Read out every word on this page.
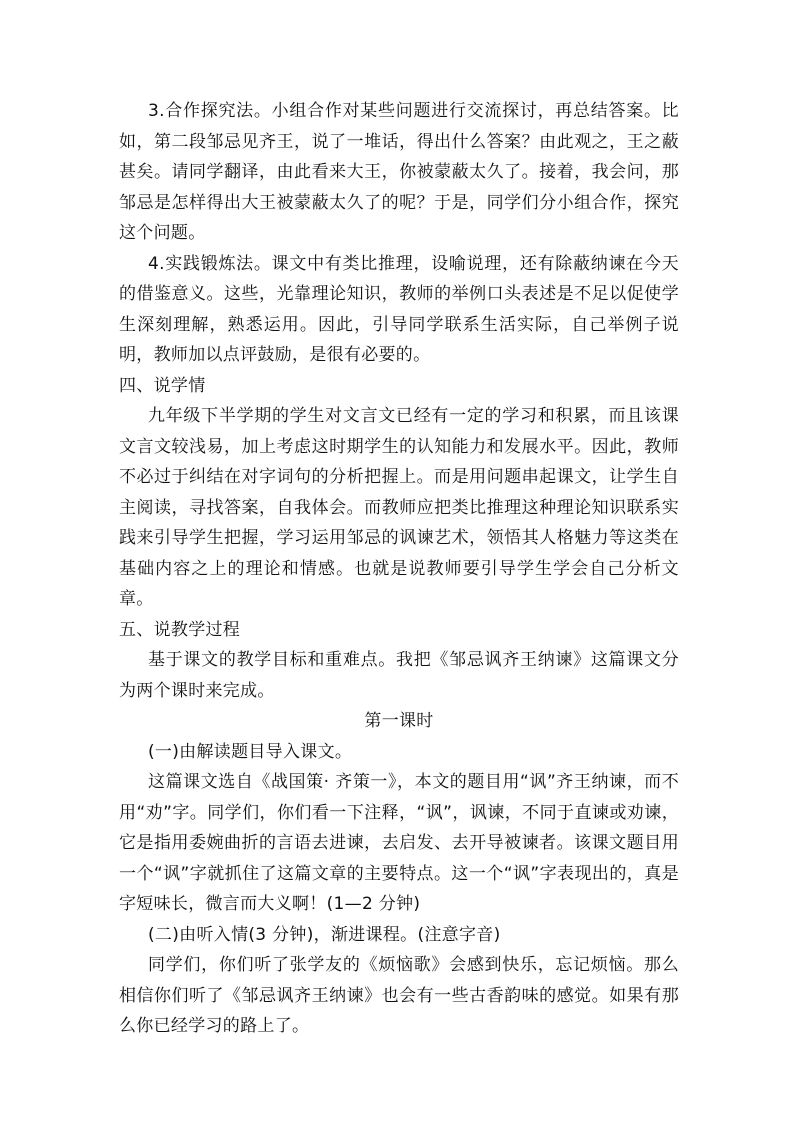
3.合作探究法。小组合作对某些问题进行交流探讨，再总结答案。比如，第二段邹忌见齐王，说了一堆话，得出什么答案？由此观之，王之蔽甚矣。请同学翻译，由此看来大王，你被蒙蔽太久了。接着，我会问，那邹忌是怎样得出大王被蒙蔽太久了的呢？于是，同学们分小组合作，探究这个问题。

4.实践锻炼法。课文中有类比推理，设喻说理，还有除蔽纳谏在今天的借鉴意义。这些，光靠理论知识，教师的举例口头表述是不足以促使学生深刻理解，熟悉运用。因此，引导同学联系生活实际，自己举例子说明，教师加以点评鼓励，是很有必要的。

四、说学情

九年级下半学期的学生对文言文已经有一定的学习和积累，而且该课文言文较浅易，加上考虑这时期学生的认知能力和发展水平。因此，教师不必过于纠结在对字词句的分析把握上。而是用问题串起课文，让学生自主阅读，寻找答案，自我体会。而教师应把类比推理这种理论知识联系实践来引导学生把握，学习运用邹忌的讽谏艺术，领悟其人格魅力等这类在基础内容之上的理论和情感。也就是说教师要引导学生学会自己分析文章。

五、说教学过程

基于课文的教学目标和重难点。我把《邹忌讽齐王纳谏》这篇课文分为两个课时来完成。

第一课时

(一)由解读题目导入课文。

这篇课文选自《战国策· 齐策一》，本文的题目用“讽”齐王纳谏，而不用“劝”字。同学们，你们看一下注释，“讽”，讽谏，不同于直谏或劝谏，它是指用委婉曲折的言语去进谏，去启发、去开导被谏者。该课文题目用一个“讽”字就抓住了这篇文章的主要特点。这一个“讽”字表现出的，真是字短味长，微言而大义啊！(1—2 分钟)

(二)由听入情(3 分钟)，渐进课程。(注意字音)

同学们，你们听了张学友的《烦恼歌》会感到快乐，忘记烦恼。那么相信你们听了《邹忌讽齐王纳谏》也会有一些古香韵味的感觉。如果有那么你已经学习的路上了。
